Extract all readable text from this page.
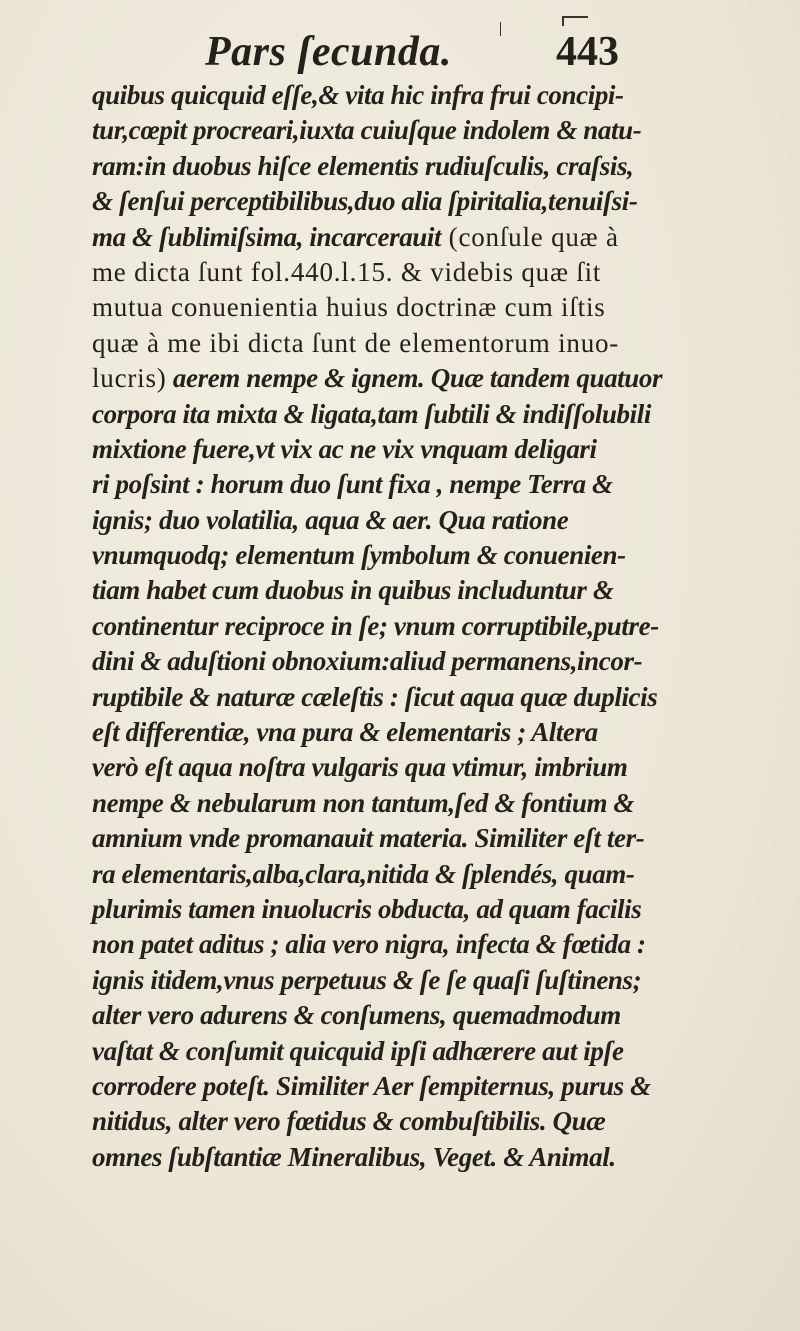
Pars ſecunda. 443
quibus quicquid eſſe,& vita hic infra frui concipi-
tur,cœpit procreari,iuxta cuiuſque indolem & natu-
ram:in duobus hiſce elementis rudiuſculis, craſsis,
& ſenſui perceptibilibus,duo alia ſpiritalia,tenuiſsi-
ma & ſublimiſsima, incarcerauit (conſule quæ à
me dicta ſunt fol.440.l.15. & videbis quæ ſit
mutua conuenientia huius doctrinæ cum iſtis
quæ à me ibi dicta ſunt de elementorum inuo-
lucris) aerem nempe & ignem. Quæ tandem quatuor
corpora ita mixta & ligata,tam ſubtili & indiſſolubili
mixtione fuere,vt vix ac ne vix vnquam deligari
ri poſsint : horum duo ſunt fixa , nempe Terra &
ignis; duo volatilia, aqua & aer. Qua ratione
vnumquodq; elementum ſymbolum & conuenien-
tiam habet cum duobus in quibus includuntur &
continentur reciproce in ſe; vnum corruptibile,putre-
dini & aduſtioni obnoxium:aliud permanens,incor-
ruptibile & naturæ cæleſtis : ſicut aqua quæ duplicis
eſt differentiæ, vna pura & elementaris ; Altera
verò eſt aqua noſtra vulgaris qua vtimur, imbrium
nempe & nebularum non tantum,ſed & fontium &
amnium vnde promanauit materia. Similiter eſt ter-
ra elementaris,alba,clara,nitida & ſplendés, quam-
plurimis tamen inuolucris obducta, ad quam facilis
non patet aditus ; alia vero nigra, infecta & fœtida :
ignis itidem,vnus perpetuus & ſe ſe quaſi ſuſtinens;
alter vero adurens & conſumens, quemadmodum
vaſtat & conſumit quicquid ipſi adhærere aut ipſe
corrodere poteſt. Similiter Aer ſempiternus, purus &
nitidus, alter vero fœtidus & combuſtibilis. Quæ
omnes ſubſtantiæ Mineralibus, Veget. & Animal.
